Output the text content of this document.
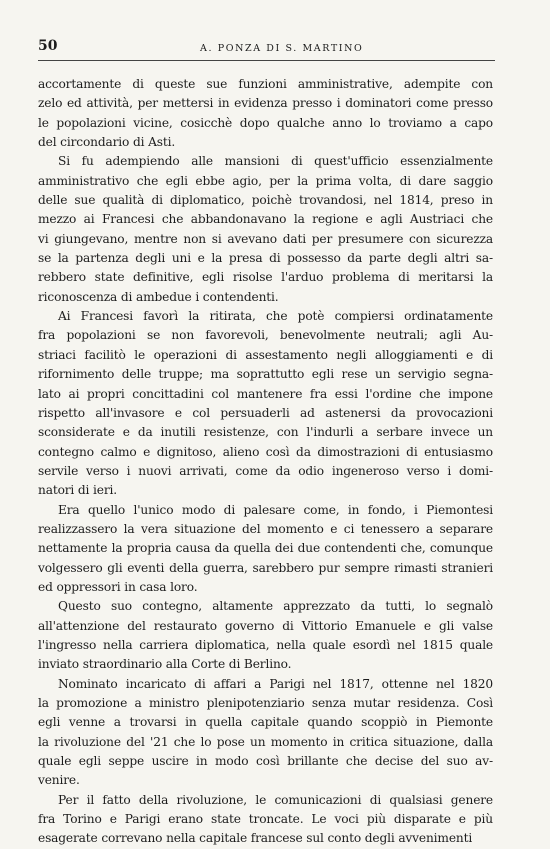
50	A. PONZA DI S. MARTINO
accortamente di queste sue funzioni amministrative, adempite con
zelo ed attività, per mettersi in evidenza presso i dominatori come presso
le popolazioni vicine, cosicchè dopo qualche anno lo troviamo a capo
del circondario di Asti.
Si fu adempiendo alle mansioni di quest'ufficio essenzialmente
amministrativo che egli ebbe agio, per la prima volta, di dare saggio
delle sue qualità di diplomatico, poichè trovandosi, nel 1814, preso in
mezzo ai Francesi che abbandonavano la regione e agli Austriaci che
vi giungevano, mentre non si avevano dati per presumere con sicurezza
se la partenza degli uni e la presa di possesso da parte degli altri sa-
rebbero state definitive, egli risolse l'arduo problema di meritarsi la
riconoscenza di ambedue i contendenti.
Ai Francesi favorì la ritirata, che potè compiersi ordinatamente
fra popolazioni se non favorevoli, benevolmente neutrali; agli Au-
striaci facilitò le operazioni di assestamento negli alloggiamenti e di
rifornimento delle truppe; ma soprattutto egli rese un servigio segna-
lato ai propri concittadini col mantenere fra essi l'ordine che impone
rispetto all'invasore e col persuaderli ad astenersi da provocazioni
sconsiderate e da inutili resistenze, con l'indurli a serbare invece un
contegno calmo e dignitoso, alieno così da dimostrazioni di entusiasmo
servile verso i nuovi arrivati, come da odio ingeneroso verso i domi-
natori di ieri.
Era quello l'unico modo di palesare come, in fondo, i Piemontesi
realizzassero la vera situazione del momento e ci tenessero a separare
nettamente la propria causa da quella dei due contendenti che, comunque
volgessero gli eventi della guerra, sarebbero pur sempre rimasti stranieri
ed oppressori in casa loro.
Questo suo contegno, altamente apprezzato da tutti, lo segnalò
all'attenzione del restaurato governo di Vittorio Emanuele e gli valse
l'ingresso nella carriera diplomatica, nella quale esordì nel 1815 quale
inviato straordinario alla Corte di Berlino.
Nominato incaricato di affari a Parigi nel 1817, ottenne nel 1820
la promozione a ministro plenipotenziario senza mutar residenza. Così
egli venne a trovarsi in quella capitale quando scoppiò in Piemonte
la rivoluzione del '21 che lo pose un momento in critica situazione, dalla
quale egli seppe uscire in modo così brillante che decise del suo av-
venire.
Per il fatto della rivoluzione, le comunicazioni di qualsiasi genere
fra Torino e Parigi erano state troncate. Le voci più disparate e più
esagerate correvano nella capitale francese sul conto degli avvenimenti
